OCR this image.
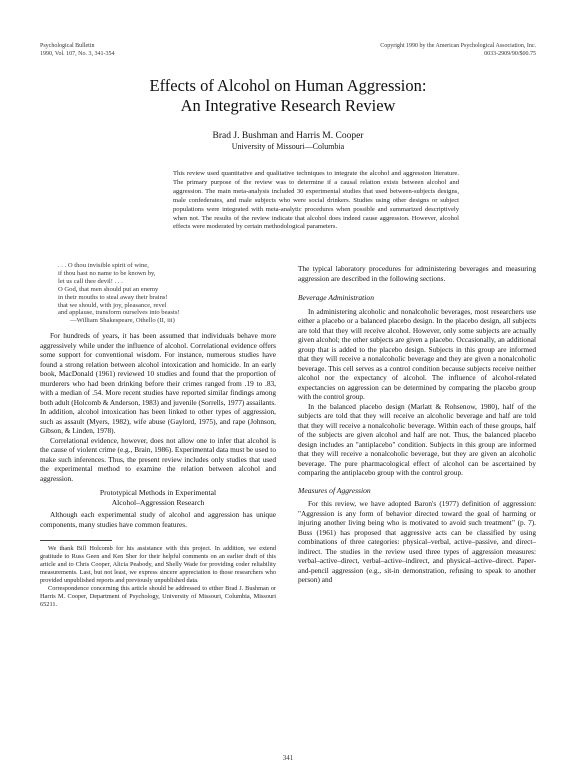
Psychological Bulletin
1990, Vol. 107, No. 3, 341-354
Copyright 1990 by the American Psychological Association, Inc.
0033-2909/90/$00.75
Effects of Alcohol on Human Aggression:
An Integrative Research Review
Brad J. Bushman and Harris M. Cooper
University of Missouri—Columbia
This review used quantitative and qualitative techniques to integrate the alcohol and aggression literature. The primary purpose of the review was to determine if a causal relation exists between alcohol and aggression. The main meta-analysis included 30 experimental studies that used between-subjects designs, male confederates, and male subjects who were social drinkers. Studies using other designs or subject populations were integrated with meta-analytic procedures when possible and summarized descriptively when not. The results of the review indicate that alcohol does indeed cause aggression. However, alcohol effects were moderated by certain methodological parameters.
. . . O thou invisible spirit of wine,
if thou hast no name to be known by,
let us call thee devil! . . .
O God, that men should put an enemy
in their mouths to steal away their brains!
that we should, with joy, pleasance, revel
and applause, transform ourselves into beasts!
—William Shakespeare, Othello (II, iii)

For hundreds of years, it has been assumed that individuals behave more aggressively while under the influence of alcohol. Correlational evidence offers some support for conventional wisdom. For instance, numerous studies have found a strong relation between alcohol intoxication and homicide. In an early book, MacDonald (1961) reviewed 10 studies and found that the proportion of murderers who had been drinking before their crimes ranged from .19 to .83, with a median of .54. More recent studies have reported similar findings among both adult (Holcomb & Anderson, 1983) and juvenile (Sorrells, 1977) assailants. In addition, alcohol intoxication has been linked to other types of aggression, such as assault (Myers, 1982), wife abuse (Gaylord, 1975), and rape (Johnson, Gibson, & Linden, 1978).

Correlational evidence, however, does not allow one to infer that alcohol is the cause of violent crime (e.g., Brain, 1986). Experimental data must be used to make such inferences. Thus, the present review includes only studies that used the experimental method to examine the relation between alcohol and aggression.

Prototypical Methods in Experimental
Alcohol–Aggression Research

Although each experimental study of alcohol and aggression has unique components, many studies have common features.

We thank Bill Holcomb for his assistance with this project. In addition, we extend gratitude to Russ Geen and Ken Sher for their helpful comments on an earlier draft of this article and to Chris Cooper, Alicia Peabody, and Shelly Wade for providing coder reliability measurements. Last, but not least, we express sincere appreciation to those researchers who provided unpublished reports and previously unpublished data.

Correspondence concerning this article should be addressed to either Brad J. Bushman or Harris M. Cooper, Department of Psychology, University of Missouri, Columbia, Missouri 65211.

The typical laboratory procedures for administering beverages and measuring aggression are described in the following sections.

Beverage Administration

In administering alcoholic and nonalcoholic beverages, most researchers use either a placebo or a balanced placebo design. In the placebo design, all subjects are told that they will receive alcohol. However, only some subjects are actually given alcohol; the other subjects are given a placebo. Occasionally, an additional group that is added to the placebo design. Subjects in this group are informed that they will receive a nonalcoholic beverage and they are given a nonalcoholic beverage. This cell serves as a control condition because subjects receive neither alcohol nor the expectancy of alcohol. The influence of alcohol-related expectancies on aggression can be determined by comparing the placebo group with the control group.

In the balanced placebo design (Marlatt & Rohsenow, 1980), half of the subjects are told that they will receive an alcoholic beverage and half are told that they will receive a nonalcoholic beverage. Within each of these groups, half of the subjects are given alcohol and half are not. Thus, the balanced placebo design includes an "antiplacebo" condition. Subjects in this group are informed that they will receive a nonalcoholic beverage, but they are given an alcoholic beverage. The pure pharmacological effect of alcohol can be ascertained by comparing the antiplacebo group with the control group.

Measures of Aggression

For this review, we have adopted Baron's (1977) definition of aggression: "Aggression is any form of behavior directed toward the goal of harming or injuring another living being who is motivated to avoid such treatment" (p. 7). Buss (1961) has proposed that aggressive acts can be classified by using combinations of three categories: physical–verbal, active–passive, and direct–indirect. The studies in the review used three types of aggression measures: verbal–active–direct, verbal–active–indirect, and physical–active–direct. Paper-and-pencil aggression (e.g., sit-in demonstration, refusing to speak to another person) and

341
